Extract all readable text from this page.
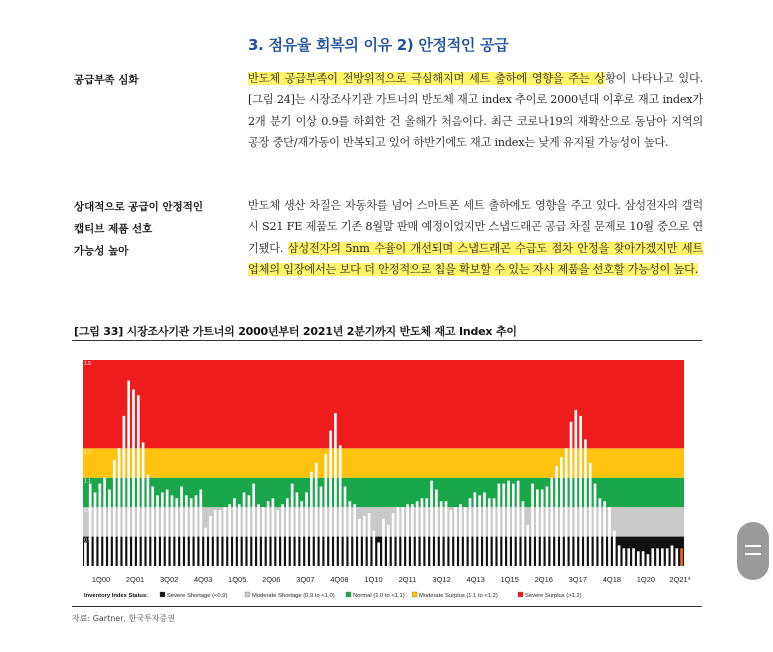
3. 점유율 회복의 이유 2) 안정적인 공급
공급부족 심화	반도체 공급부족이 전방위적으로 극심해지며 세트 출하에 영향을 주는 상황이 나타나고 있다. [그림 24]는 시장조사기관 가트너의 반도체 재고 index 추이로 2000년대 이후로 재고 index가 2개 분기 이상 0.9를 하회한 건 올해가 처음이다. 최근 코로나19의 재확산으로 동남아 지역의 공장 중단/재가동이 반복되고 있어 하반기에도 재고 index는 낮게 유지될 가능성이 높다.
상대적으로 공급이 안정적인
캡티브 제품 선호
가능성 높아
반도체 생산 차질은 자동차를 넘어 스마트폰 세트 출하에도 영향을 주고 있다. 삼성전자의 갤럭시 S21 FE 제품도 기존 8월말 판매 예정이었지만 스냅드래곤 공급 차질 문제로 10월 중으로 연기됐다. 삼성전자의 5nm 수율이 개선되며 스냅드래곤 수급도 점차 안정을 찾아가겠지만 세트 업체의 입장에서는 보다 더 안정적으로 칩을 확보할 수 있는 자사 제품을 선호할 가능성이 높다.
[그림 33] 시장조사기관 가트너의 2000년부터 2021년 2분기까지 반도체 재고 Index 추이
1.5
1.2
1.1
1.0
0.9
0.8
1Q00 2Q01 3Q02 4Q03 1Q05 2Q06 3Q07 4Q08 1Q10 2Q11 3Q12 4Q13 1Q15 2Q16 3Q17 4Q18 1Q20 2Q21*
Inventory Index Status:	Severe Shortage (<0.9)	Moderate Shortage (0.9 to <1.0)	Normal (1.0 to <1.1) Moderate Surplus (1.1 to <1.2)	Severe Surplus (>1.2)
자료: Gartner, 한국투자증권
